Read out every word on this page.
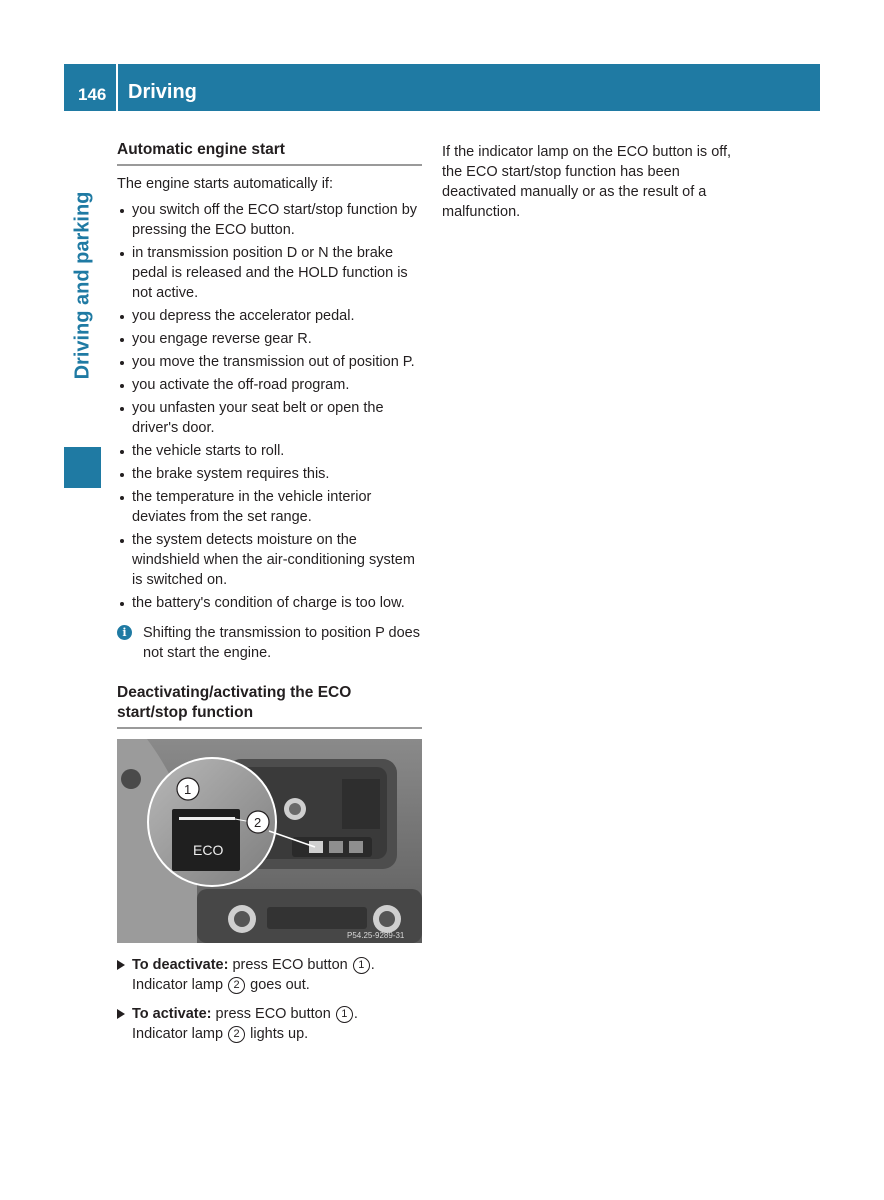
146 Driving
Driving and parking
Automatic engine start

The engine starts automatically if:

you switch off the ECO start/stop function by pressing the ECO button.
in transmission position D or N the brake pedal is released and the HOLD function is not active.
you depress the accelerator pedal.
you engage reverse gear R.
you move the transmission out of position P.
you activate the off-road program.
you unfasten your seat belt or open the driver's door.
the vehicle starts to roll.
the brake system requires this.
the temperature in the vehicle interior deviates from the set range.
the system detects moisture on the windshield when the air-conditioning system is switched on.
the battery's condition of charge is too low.
i	Shifting the transmission to position P does not start the engine.

Deactivating/activating the ECO start/stop function
ECO
1
2
P54.25-9289-31
To deactivate: press ECO button 1 .
Indicator lamp 2 goes out.
To activate: press ECO button 1 .
Indicator lamp 2 lights up.

If the indicator lamp on the ECO button is off, the ECO start/stop function has been deactivated manually or as the result of a malfunction.
